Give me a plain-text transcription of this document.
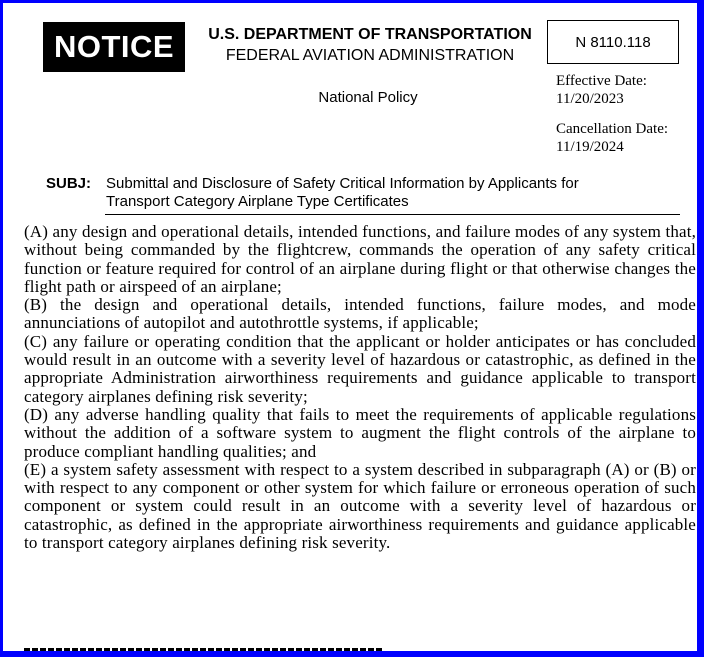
NOTICE	U.S. DEPARTMENT OF TRANSPORTATION
FEDERAL AVIATION ADMINISTRATION
National Policy
N 8110.118
Effective Date:
11/20/2023
Cancellation Date:
11/19/2024
SUBJ: Submittal and Disclosure of Safety Critical Information by Applicants for Transport Category Airplane Type Certificates

(A) any design and operational details, intended functions, and failure modes of any system that, without being commanded by the flightcrew, commands the operation of any safety critical function or feature required for control of an airplane during flight or that otherwise changes the flight path or airspeed of an airplane;

(B) the design and operational details, intended functions, failure modes, and mode annunciations of autopilot and autothrottle systems, if applicable;

(C) any failure or operating condition that the applicant or holder anticipates or has concluded would result in an outcome with a severity level of hazardous or catastrophic, as defined in the appropriate Administration airworthiness requirements and guidance applicable to transport category airplanes defining risk severity;

(D) any adverse handling quality that fails to meet the requirements of applicable regulations without the addition of a software system to augment the flight controls of the airplane to produce compliant handling qualities; and

(E) a system safety assessment with respect to a system described in subparagraph (A) or (B) or with respect to any component or other system for which failure or erroneous operation of such component or system could result in an outcome with a severity level of hazardous or catastrophic, as defined in the appropriate airworthiness requirements and guidance applicable to transport category airplanes defining risk severity.
